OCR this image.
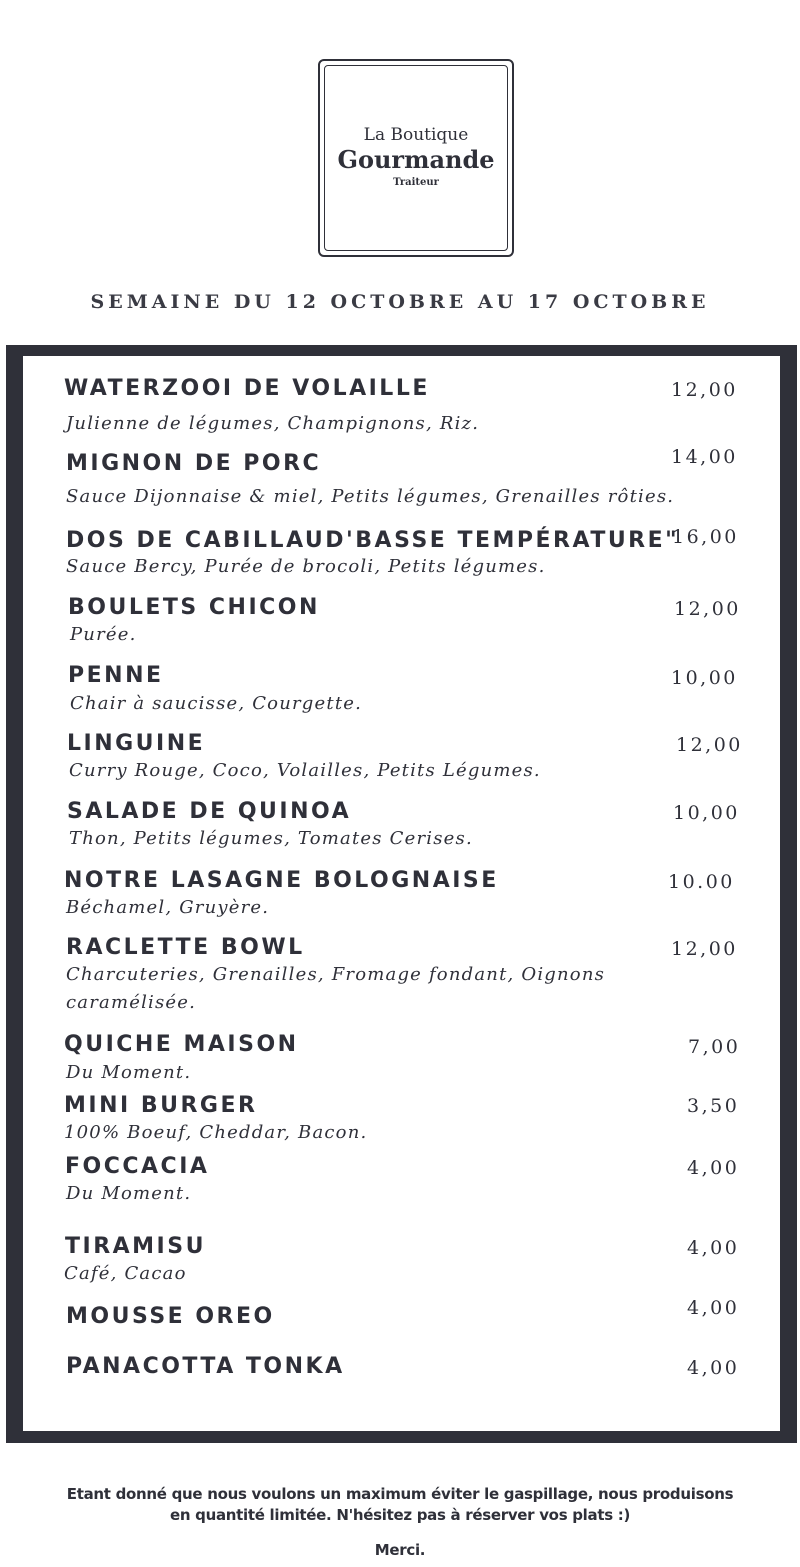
La Boutique
Gourmande
Traiteur
SEMAINE DU 12 OCTOBRE AU 17 OCTOBRE
WATERZOOI DE VOLAILLE
Julienne de légumes, Champignons, Riz.
12,00
MIGNON DE PORC
Sauce Dijonnaise & miel, Petits légumes, Grenailles rôties.
14,00
DOS DE CABILLAUD'BASSE TEMPÉRATURE"
Sauce Bercy, Purée de brocoli, Petits légumes.
16,00
BOULETS CHICON
Purée.
12,00
PENNE
Chair à saucisse, Courgette.
10,00
LINGUINE
Curry Rouge, Coco, Volailles, Petits Légumes.
12,00
SALADE DE QUINOA
Thon, Petits légumes, Tomates Cerises.
10,00
NOTRE LASAGNE BOLOGNAISE
Béchamel, Gruyère.
10.00
RACLETTE BOWL
Charcuteries, Grenailles, Fromage fondant, Oignons
caramélisée.
12,00
QUICHE MAISON
Du Moment.
7,00
MINI BURGER
100% Boeuf, Cheddar, Bacon.
3,50
FOCCACIA
Du Moment.
4,00
TIRAMISU
Café, Cacao
4,00
MOUSSE OREO	4,00
PANACOTTA TONKA	4,00
Etant donné que nous voulons un maximum éviter le gaspillage, nous produisons
en quantité limitée. N'hésitez pas à réserver vos plats :)
Merci.
